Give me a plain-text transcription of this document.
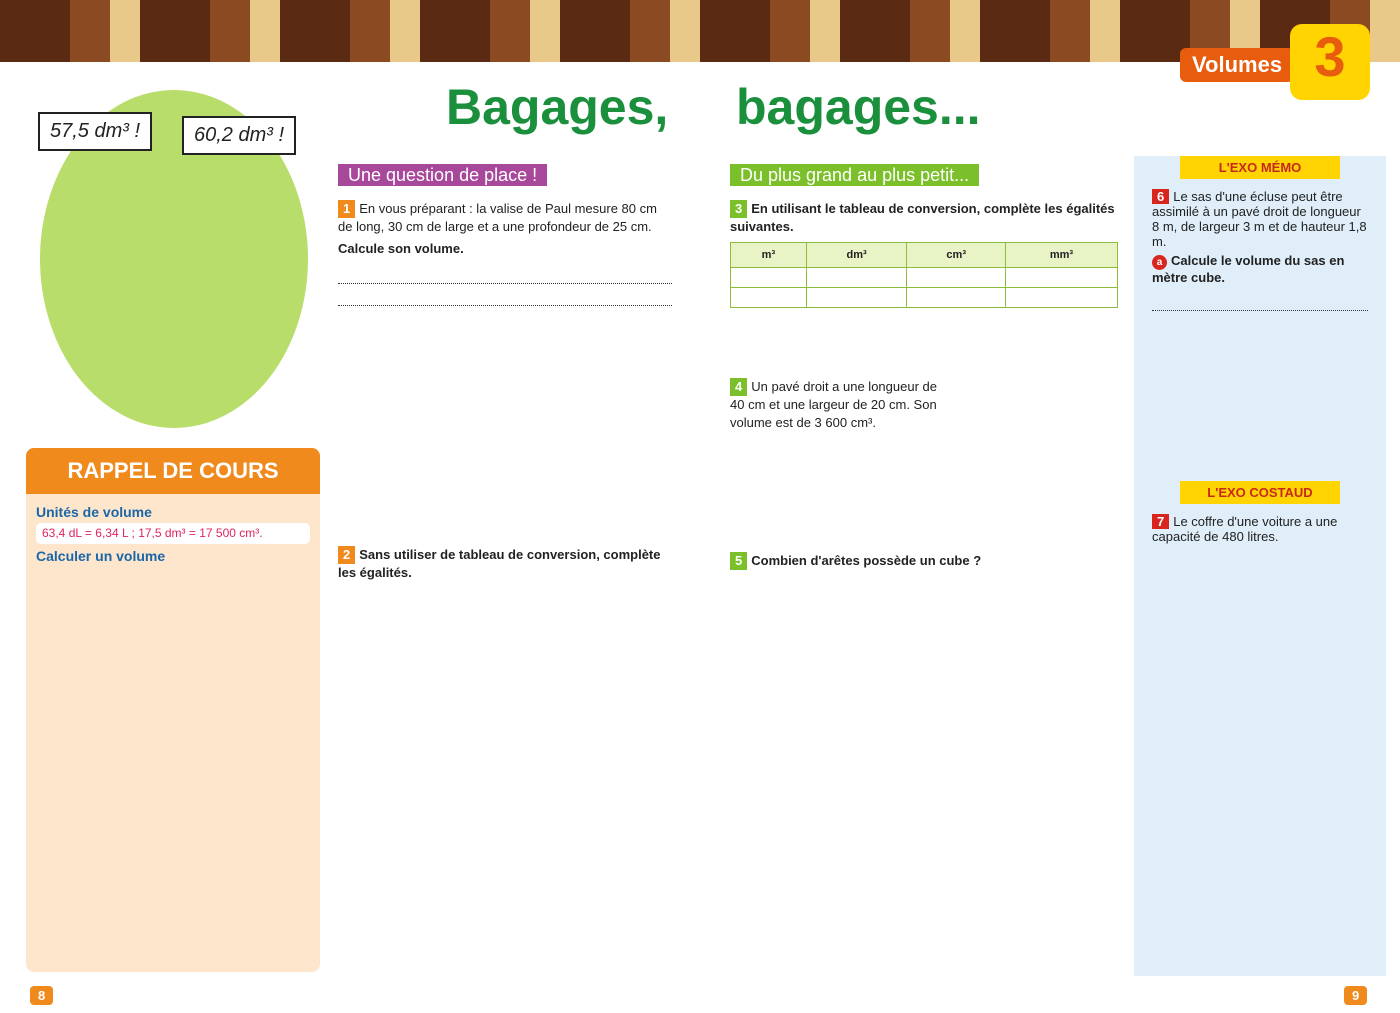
Volumes 3
Bagages, bagages...
57,5 dm³ !	60,2 dm³ !
RAPPEL DE COURS
Unités de volume
63,4 dL = 6,34 L ; 17,5 dm³ = 17 500 cm³.
Calculer un volume
Une question de place !
1 En vous préparant : la valise de Paul mesure 80 cm de long, 30 cm de large et a une profondeur de 25 cm.
Calcule son volume.
2 Sans utiliser de tableau de conversion, complète les égalités.
Du plus grand au plus petit...
3 En utilisant le tableau de conversion, complète les égalités suivantes.
m³	dm³	cm³	mm³

4 Un pavé droit a une longueur de 40 cm et une largeur de 20 cm. Son volume est de 3 600 cm³.
5 Combien d'arêtes possède un cube ?
L'EXO MÉMO
6 Le sas d'une écluse peut être assimilé à un pavé droit de longueur 8 m, de largeur 3 m et de hauteur 1,8 m.
a Calcule le volume du sas en mètre cube.
L'EXO COSTAUD
7 Le coffre d'une voiture a une capacité de 480 litres.
8	9
